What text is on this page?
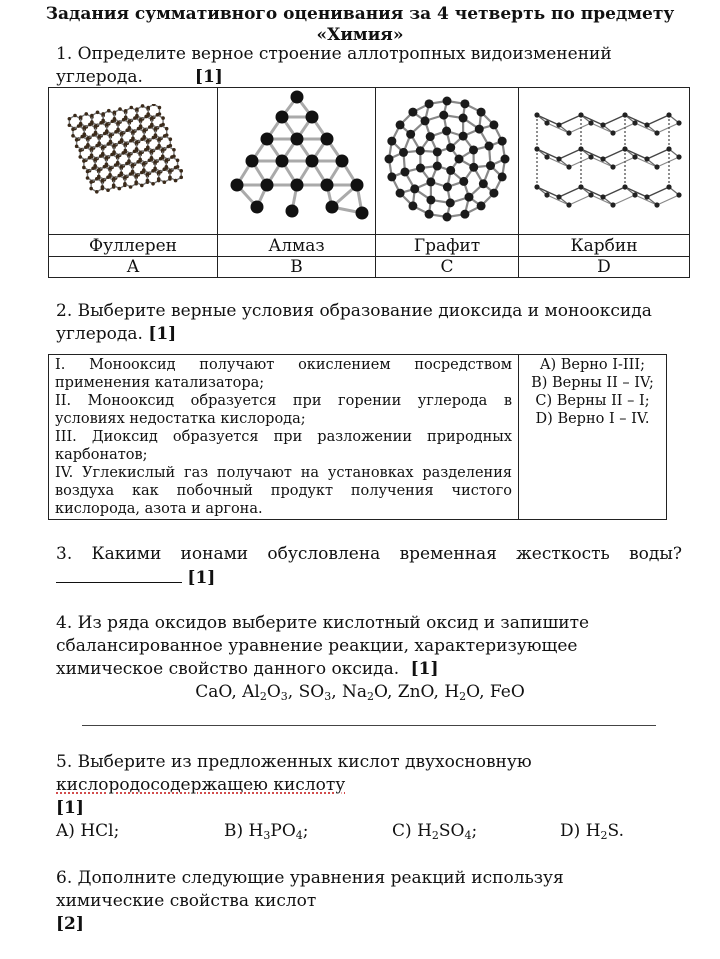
Задания суммативного оценивания за 4 четверть по предмету
«Химия»
1. Определите верное строение аллотропных видоизменений
углерода.	[1]

Фуллерен	Алмаз	Графит	Карбин
A	B	C	D
2. Выберите верные условия образование диоксида и монооксида
углерода. [1]
I. Монооксид получают окислением посредством применения катализатора;
II. Монооксид образуется при горении углерода в условиях недостатка кислорода;
III. Диоксид образуется при разложении природных карбонатов;
IV. Углекислый газ получают на установках разделения воздуха как побочный продукт получения чистого кислорода, азота и аргона.

A) Верно I-III;
B) Верны II – IV;
C) Верны II – I;
D) Верно I – IV.
3. Какими ионами обусловлена временная жесткость воды?
[1]
4. Из ряда оксидов выберите кислотный оксид и запишите
сбалансированное уравнение реакции, характеризующее
химическое свойство данного оксида. [1]
CaO, $Al_2O_3$, $SO_3$, $Na_2O$, ZnO, $H_2O$, FeO
5. Выберите из предложенных кислот двухосновную
кислородосодержащею кислоту
[1]
A) HCl;	B) $H_3PO_4$;	C) $H_2SO_4$;	D) $H_2S$.
6. Дополните следующие уравнения реакций используя
химические свойства кислот
[2]
